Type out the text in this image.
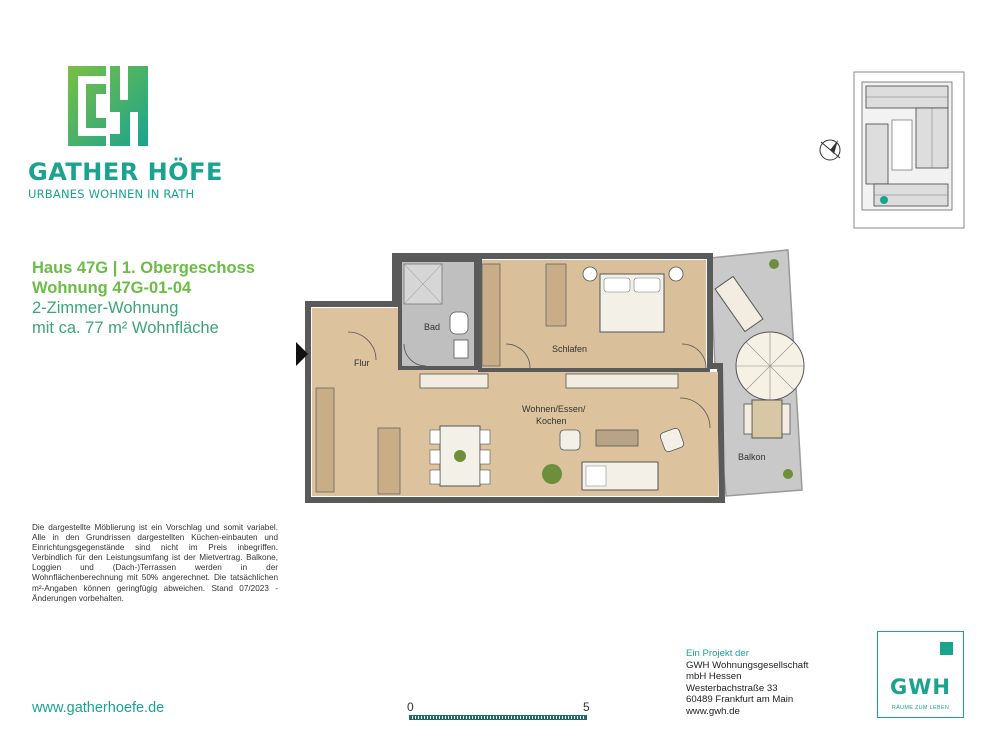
GATHER HÖFE
URBANES WOHNEN IN RATH
Haus 47G | 1. Obergeschoss
Wohnung 47G-01-04
2-Zimmer-Wohnung
mit ca. 77 m² Wohnfläche
Balkon
Bad
Schlafen
Flur
Wohnen/Essen/
Kochen
Die dargestellte Möblierung ist ein Vorschlag und somit variabel. Alle in den Grundrissen dargestellten Küchen-einbauten und Einrichtungsgegenstände sind nicht im Preis inbegriffen. Verbindlich für den Leistungsumfang ist der Mietvertrag. Balkone, Loggien und (Dach-)Terrassen werden in der Wohnflächenberechnung mit 50% angerechnet. Die tatsächlichen m²-Angaben können geringfügig abweichen. Stand 07/2023 - Änderungen vorbehalten.
www.gatherhoefe.de	0	5
Ein Projekt der
GWH Wohnungsgesellschaft
mbH Hessen
Westerbachstraße 33
60489 Frankfurt am Main
www.gwh.de
GWH
RÄUME ZUM LEBEN
